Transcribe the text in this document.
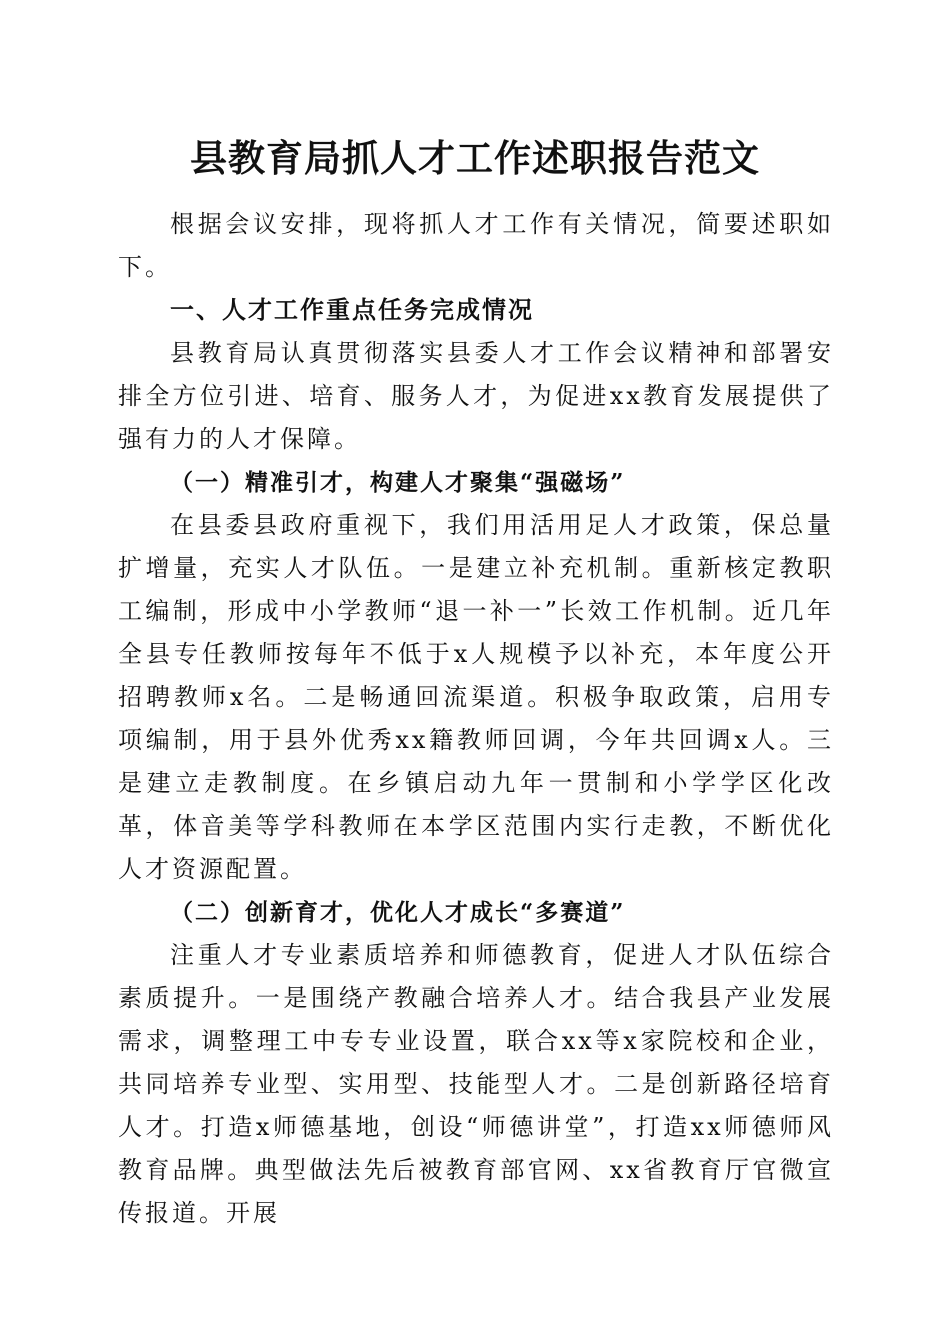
县教育局抓人才工作述职报告范文

根据会议安排，现将抓人才工作有关情况，简要述职如下。

一、人才工作重点任务完成情况

县教育局认真贯彻落实县委人才工作会议精神和部署安排全方位引进、培育、服务人才，为促进xx教育发展提供了强有力的人才保障。

（一）精准引才，构建人才聚集“强磁场”

在县委县政府重视下，我们用活用足人才政策，保总量扩增量，充实人才队伍。一是建立补充机制。重新核定教职工编制，形成中小学教师“退一补一”长效工作机制。近几年全县专任教师按每年不低于x人规模予以补充，本年度公开招聘教师x名。二是畅通回流渠道。积极争取政策，启用专项编制，用于县外优秀xx籍教师回调，今年共回调x人。三是建立走教制度。在乡镇启动九年一贯制和小学学区化改革，体音美等学科教师在本学区范围内实行走教，不断优化人才资源配置。

（二）创新育才，优化人才成长“多赛道”

注重人才专业素质培养和师德教育，促进人才队伍综合素质提升。一是围绕产教融合培养人才。结合我县产业发展需求，调整理工中专专业设置，联合xx等x家院校和企业，共同培养专业型、实用型、技能型人才。二是创新路径培育人才。打造x师德基地，创设“师德讲堂”，打造xx师德师风教育品牌。典型做法先后被教育部官网、xx省教育厅官微宣传报道。开展
